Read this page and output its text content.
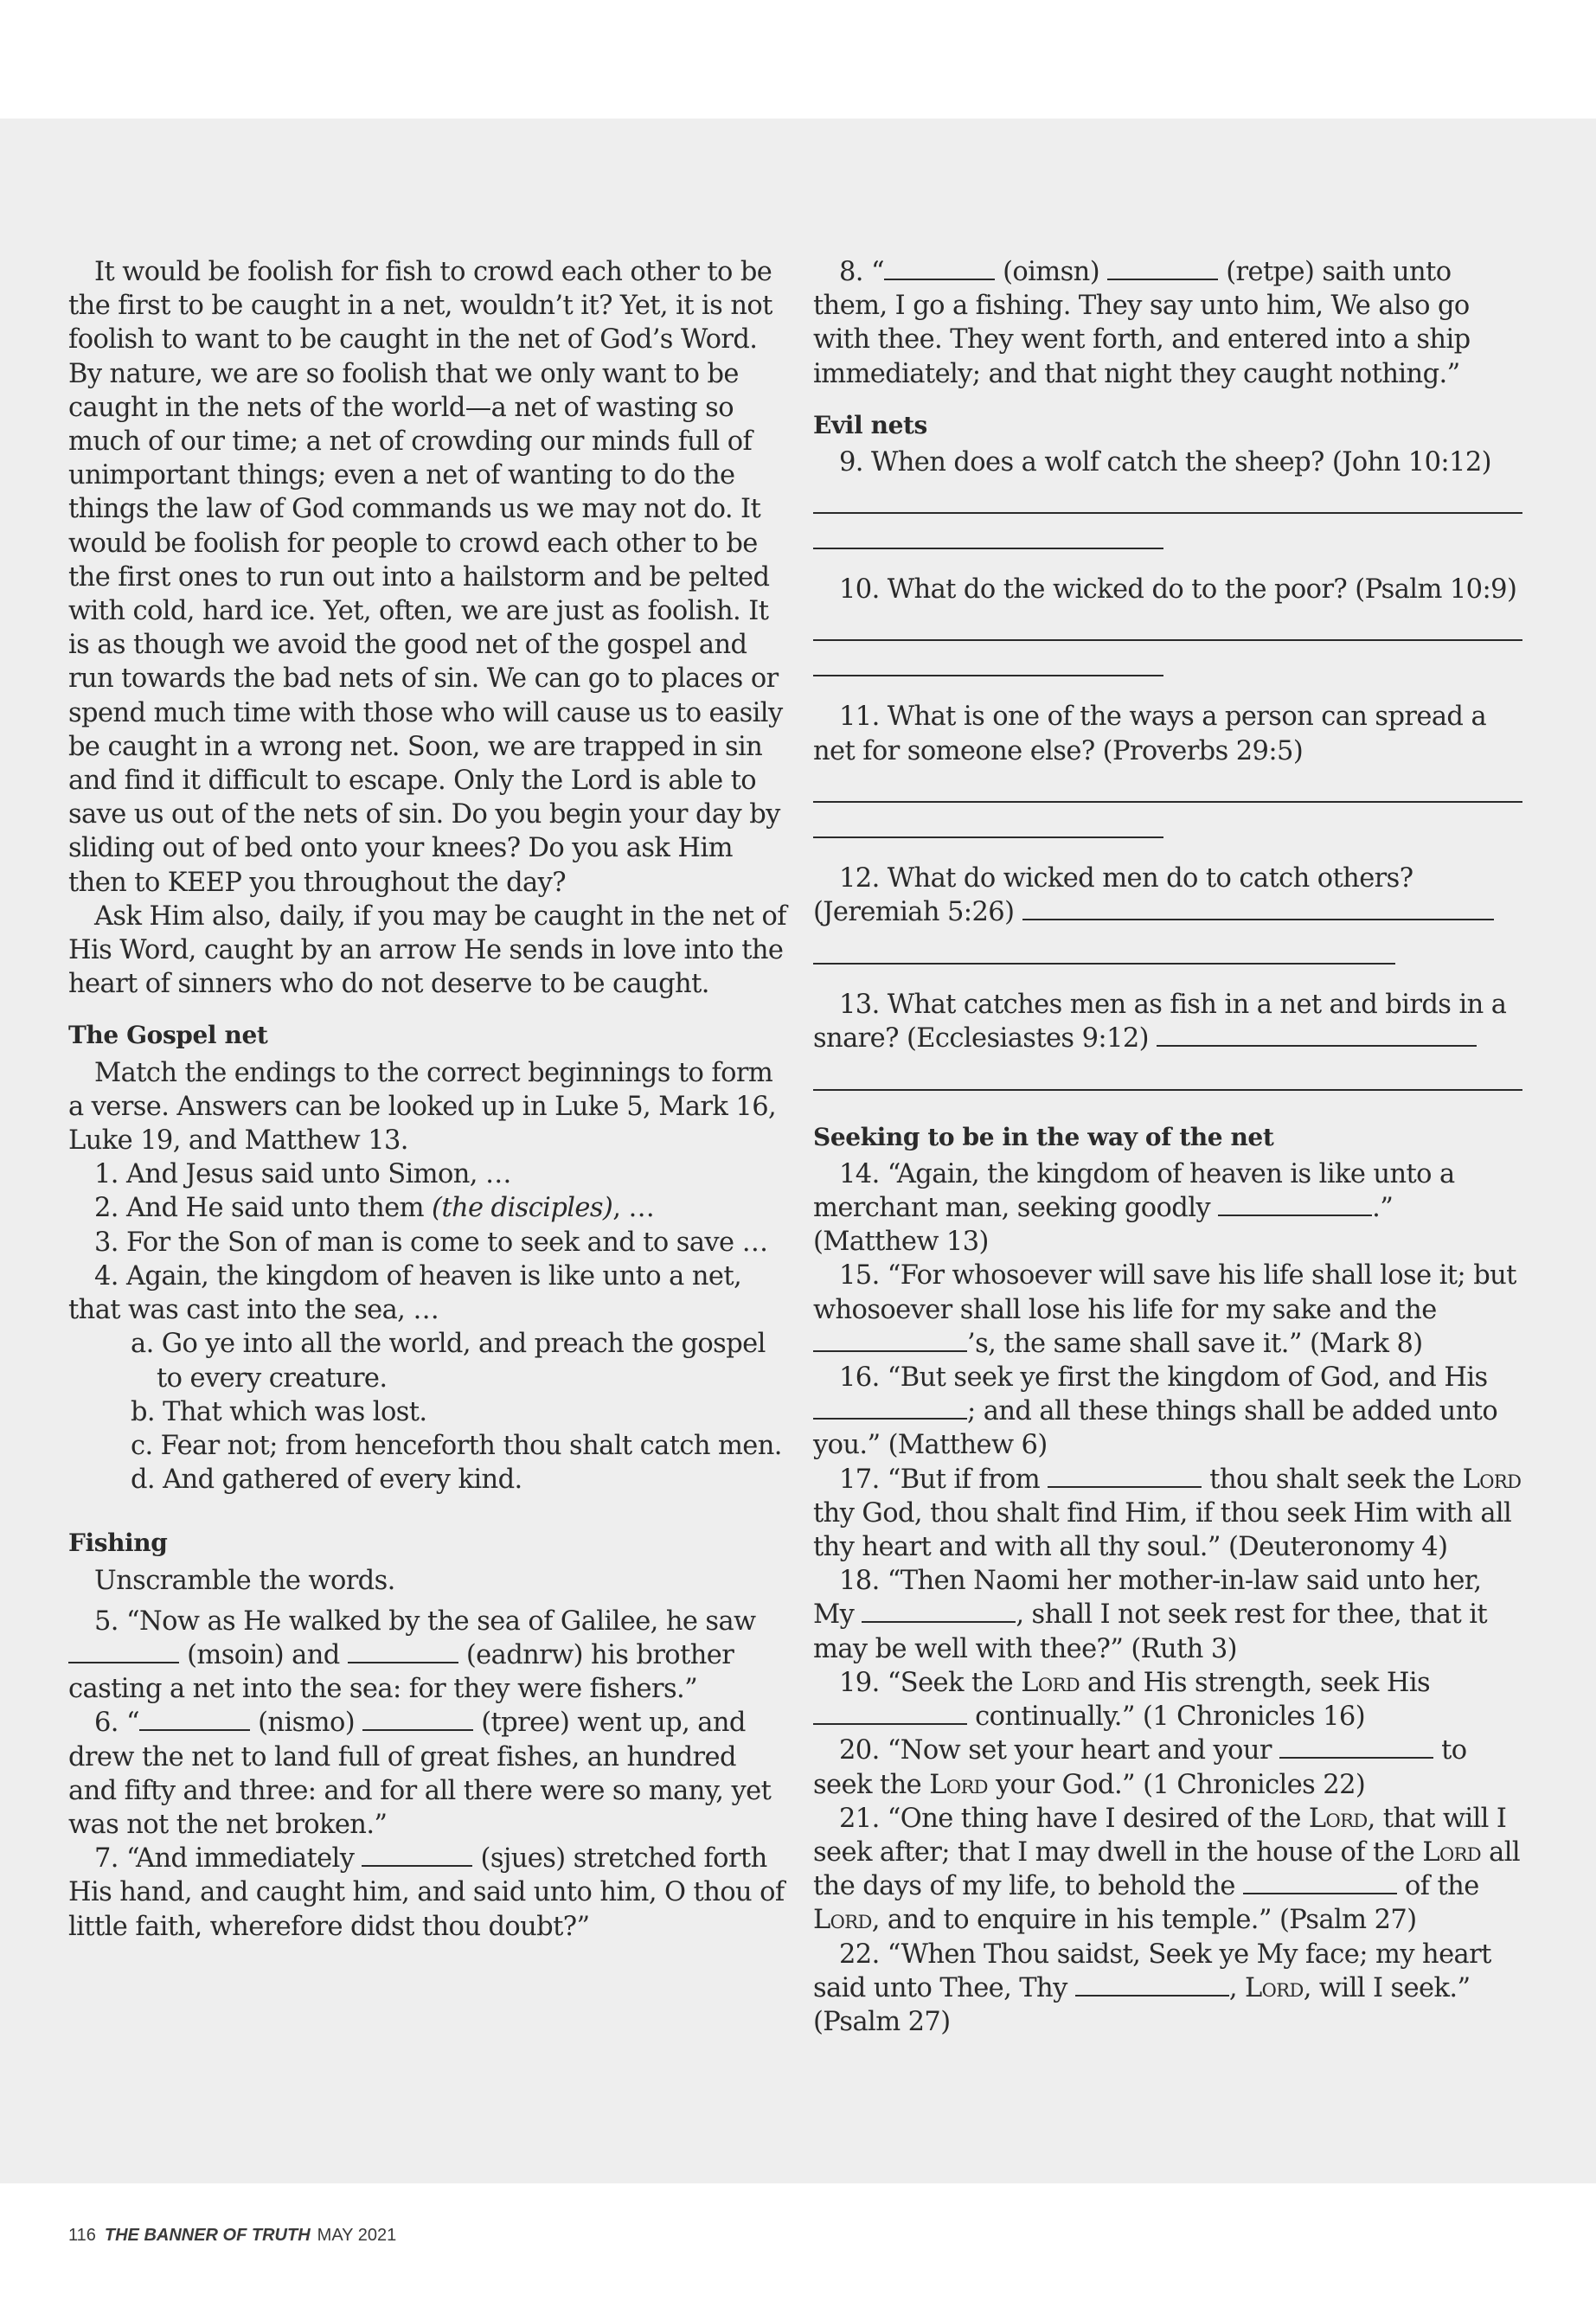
It would be foolish for fish to crowd each other to be the first to be caught in a net, wouldn’t it? Yet, it is not foolish to want to be caught in the net of God’s Word. By nature, we are so foolish that we only want to be caught in the nets of the world—a net of wasting so much of our time; a net of crowding our minds full of unimportant things; even a net of wanting to do the things the law of God commands us we may not do. It would be foolish for people to crowd each other to be the first ones to run out into a hailstorm and be pelted with cold, hard ice. Yet, often, we are just as foolish. It is as though we avoid the good net of the gospel and run towards the bad nets of sin. We can go to places or spend much time with those who will cause us to easily be caught in a wrong net. Soon, we are trapped in sin and find it difficult to escape. Only the Lord is able to save us out of the nets of sin. Do you begin your day by sliding out of bed onto your knees? Do you ask Him then to KEEP you throughout the day?

Ask Him also, daily, if you may be caught in the net of His Word, caught by an arrow He sends in love into the heart of sinners who do not deserve to be caught.

The Gospel net

Match the endings to the correct beginnings to form a verse. Answers can be looked up in Luke 5, Mark 16, Luke 19, and Matthew 13.

1. And Jesus said unto Simon, …

2. And He said unto them (the disciples), …

3. For the Son of man is come to seek and to save …

4. Again, the kingdom of heaven is like unto a net, that was cast into the sea, …

a. Go ye into all the world, and preach the gospel to every creature.

b. That which was lost.

c. Fear not; from henceforth thou shalt catch men.

d. And gathered of every kind.

Fishing

Unscramble the words.

5. “Now as He walked by the sea of Galilee, he saw  (msoin) and	(eadnrw) his brother casting a net into the sea: for they were fishers.”

6. “	(nismo)	(tpree) went up, and drew the net to land full of great fishes, an hundred and fifty and three: and for all there were so many, yet was not the net broken.”

7. “And immediately	(sjues) stretched forth His hand, and caught him, and said unto him, O thou of little faith, wherefore didst thou doubt?”

8. “	(oimsn)	(retpe) saith unto them, I go a fishing. They say unto him, We also go with thee. They went forth, and entered into a ship immediately; and that night they caught nothing.”

Evil nets

9. When does a wolf catch the sheep? (John 10:12)

10. What do the wicked do to the poor? (Psalm 10:9)

11. What is one of the ways a person can spread a net for someone else? (Proverbs 29:5)

12. What do wicked men do to catch others? (Jeremiah 5:26)

13. What catches men as fish in a net and birds in a snare? (Ecclesiastes 9:12)

Seeking to be in the way of the net

14. “Again, the kingdom of heaven is like unto a merchant man, seeking goodly	.” (Matthew 13)

15. “For whosoever will save his life shall lose it; but whosoever shall lose his life for my sake and the ’s, the same shall save it.” (Mark 8)

16. “But seek ye first the kingdom of God, and His ; and all these things shall be added unto you.” (Matthew 6)

17. “But if from	thou shalt seek the Lord thy God, thou shalt find Him, if thou seek Him with all thy heart and with all thy soul.” (Deuteronomy 4)

18. “Then Naomi her mother-in-law said unto her, My	, shall I not seek rest for thee, that it may be well with thee?” (Ruth 3)

19. “Seek the Lord and His strength, seek His  continually.” (1 Chronicles 16)

20. “Now set your heart and your	to seek the Lord your God.” (1 Chronicles 22)

21. “One thing have I desired of the Lord, that will I seek after; that I may dwell in the house of the Lord all the days of my life, to behold the	of the Lord, and to enquire in his temple.” (Psalm 27)

22. “When Thou saidst, Seek ye My face; my heart said unto Thee, Thy	, Lord, will I seek.” (Psalm 27)

116 THE BANNER OF TRUTH MAY 2021
